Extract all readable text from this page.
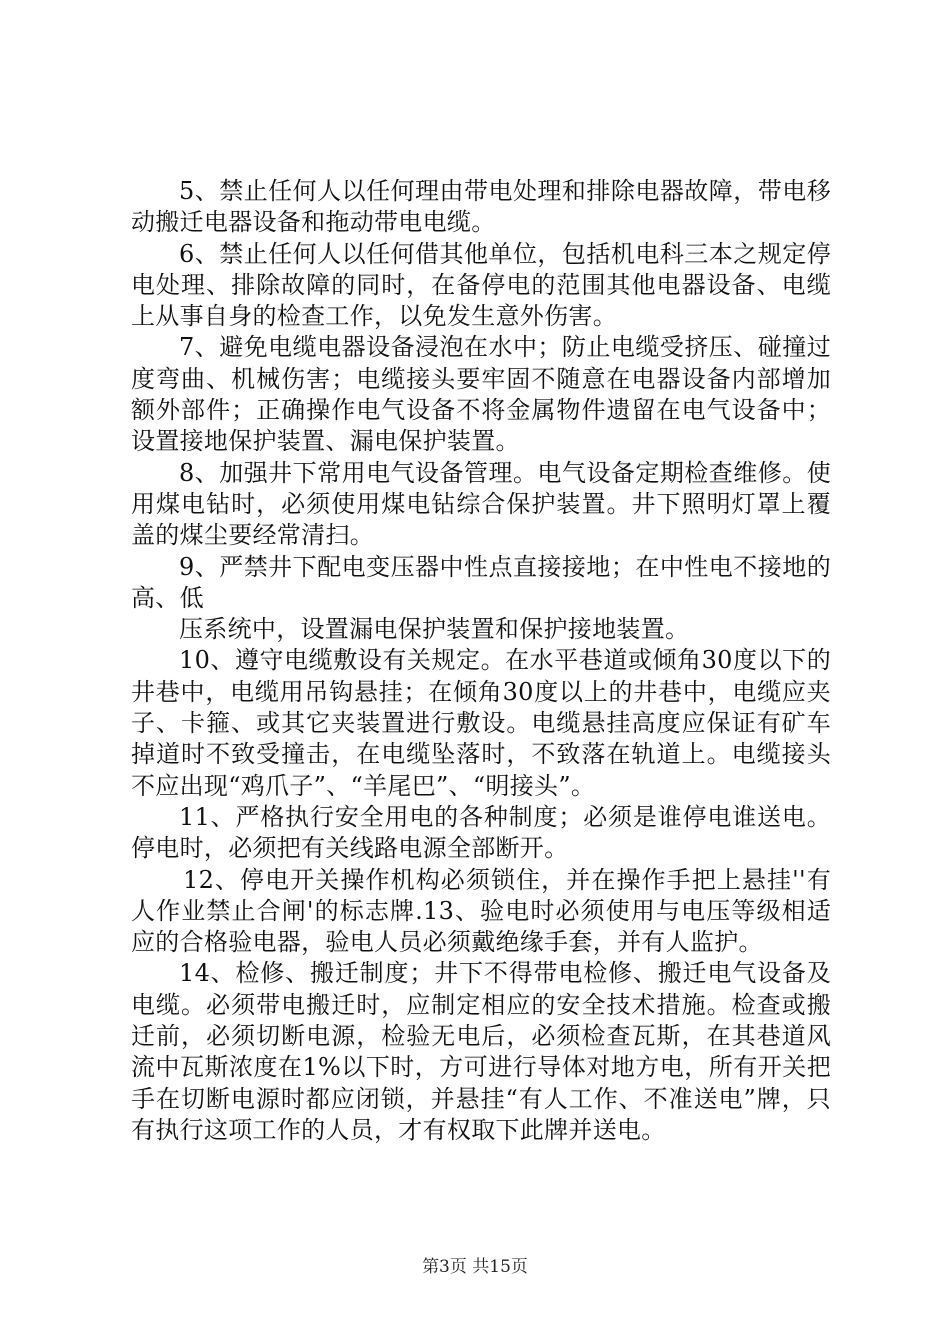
5、禁止任何人以任何理由带电处理和排除电器故障，带电移动搬迁电器设备和拖动带电电缆。

6、禁止任何人以任何借其他单位，包括机电科三本之规定停电处理、排除故障的同时，在备停电的范围其他电器设备、电缆上从事自身的检查工作，以免发生意外伤害。

7、避免电缆电器设备浸泡在水中；防止电缆受挤压、碰撞过度弯曲、机械伤害；电缆接头要牢固不随意在电器设备内部增加额外部件；正确操作电气设备不将金属物件遗留在电气设备中；设置接地保护装置、漏电保护装置。

8、加强井下常用电气设备管理。电气设备定期检查维修。使用煤电钻时，必须使用煤电钻综合保护装置。井下照明灯罩上覆盖的煤尘要经常清扫。

9、严禁井下配电变压器中性点直接接地；在中性电不接地的高、低

压系统中，设置漏电保护装置和保护接地装置。

10、遵守电缆敷设有关规定。在水平巷道或倾角30度以下的井巷中，电缆用吊钩悬挂；在倾角30度以上的井巷中，电缆应夹子、卡箍、或其它夹装置进行敷设。电缆悬挂高度应保证有矿车掉道时不致受撞击，在电缆坠落时，不致落在轨道上。电缆接头不应出现“鸡爪子”、“羊尾巴”、“明接头”。

11、严格执行安全用电的各种制度；必须是谁停电谁送电。停电时，必须把有关线路电源全部断开。

12、停电开关操作机构必须锁住，并在操作手把上悬挂''有人作业禁止合闸'的标志牌.13、验电时必须使用与电压等级相适应的合格验电器，验电人员必须戴绝缘手套，并有人监护。

14、检修、搬迁制度；井下不得带电检修、搬迁电气设备及电缆。必须带电搬迁时，应制定相应的安全技术措施。检查或搬迁前，必须切断电源，检验无电后，必须检查瓦斯，在其巷道风流中瓦斯浓度在1%以下时，方可进行导体对地方电，所有开关把手在切断电源时都应闭锁，并悬挂“有人工作、不准送电”牌，只有执行这项工作的人员，才有权取下此牌并送电。

第3页 共15页
